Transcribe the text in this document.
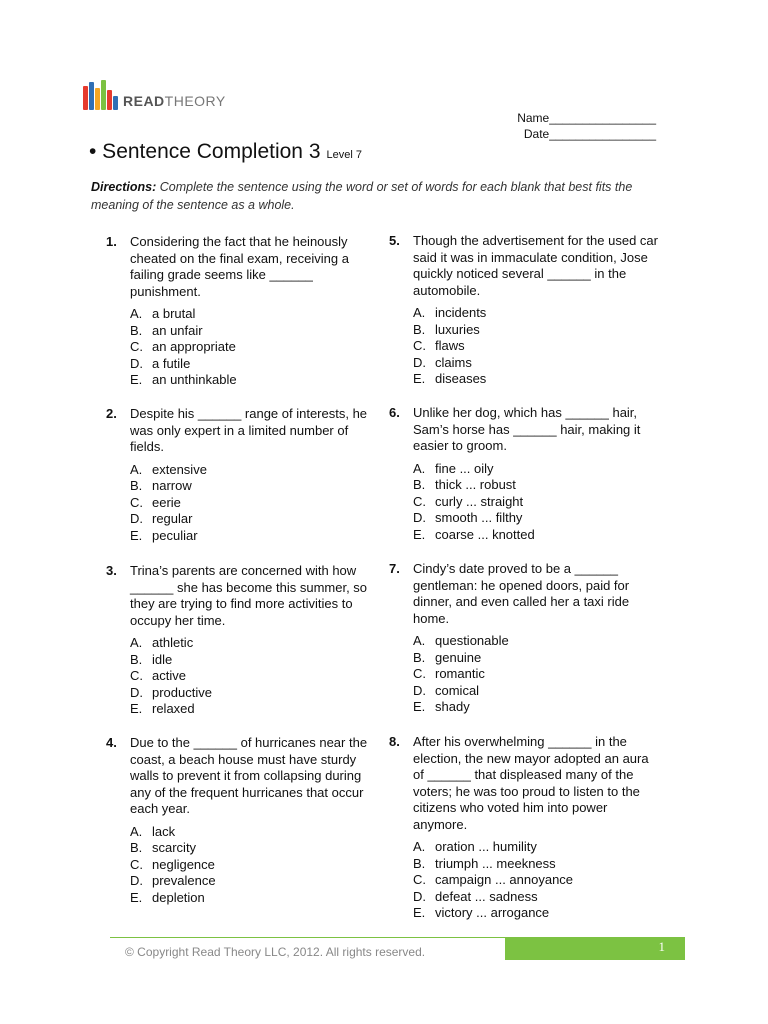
READTHEORY
Name________________
Date________________
• Sentence Completion 3 Level 7
Directions: Complete the sentence using the word or set of words for each blank that best fits the meaning of the sentence as a whole.
1. Considering the fact that he heinously cheated on the final exam, receiving a failing grade seems like ______ punishment.

A. a brutal
B. an unfair
C. an appropriate
D. a futile
E. an unthinkable
2. Despite his ______ range of interests, he was only expert in a limited number of fields.

A. extensive
B. narrow
C. eerie
D. regular
E. peculiar
3. Trina’s parents are concerned with how ______ she has become this summer, so they are trying to find more activities to occupy her time.

A. athletic
B. idle
C. active
D. productive
E. relaxed
4. Due to the ______ of hurricanes near the coast, a beach house must have sturdy walls to prevent it from collapsing during any of the frequent hurricanes that occur each year.

A. lack
B. scarcity
C. negligence
D. prevalence
E. depletion
5. Though the advertisement for the used car said it was in immaculate condition, Jose quickly noticed several ______ in the automobile.

A. incidents
B. luxuries
C. flaws
D. claims
E. diseases
6. Unlike her dog, which has ______ hair, Sam’s horse has ______ hair, making it easier to groom.

A. fine ... oily
B. thick ... robust
C. curly ... straight
D. smooth ... filthy
E. coarse ... knotted
7. Cindy’s date proved to be a ______ gentleman: he opened doors, paid for dinner, and even called her a taxi ride home.

A. questionable
B. genuine
C. romantic
D. comical
E. shady
8. After his overwhelming ______ in the election, the new mayor adopted an aura of ______ that displeased many of the voters; he was too proud to listen to the citizens who voted him into power anymore.

A. oration ... humility
B. triumph ... meekness
C. campaign ... annoyance
D. defeat ... sadness
E. victory ... arrogance
1
© Copyright Read Theory LLC, 2012. All rights reserved.
